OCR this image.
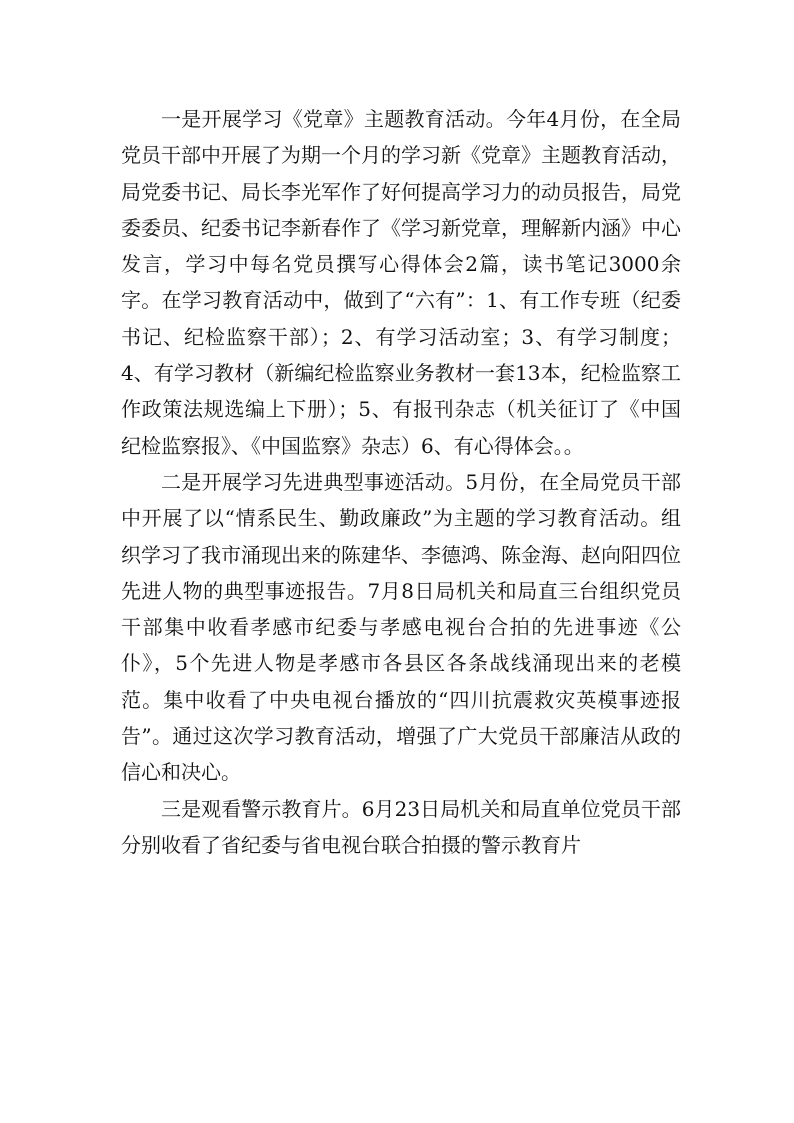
一是开展学习《党章》主题教育活动。今年4月份，在全局党员干部中开展了为期一个月的学习新《党章》主题教育活动，局党委书记、局长李光军作了好何提高学习力的动员报告，局党委委员、纪委书记李新春作了《学习新党章，理解新内涵》中心发言，学习中每名党员撰写心得体会2篇，读书笔记3000余字。在学习教育活动中，做到了“六有”：1、有工作专班（纪委书记、纪检监察干部）；2、有学习活动室；3、有学习制度；4、有学习教材（新编纪检监察业务教材一套13本，纪检监察工作政策法规选编上下册）；5、有报刊杂志（机关征订了《中国纪检监察报》、《中国监察》杂志）6、有心得体会。。

二是开展学习先进典型事迹活动。5月份，在全局党员干部中开展了以“情系民生、勤政廉政”为主题的学习教育活动。组织学习了我市涌现出来的陈建华、李德鸿、陈金海、赵向阳四位先进人物的典型事迹报告。7月8日局机关和局直三台组织党员干部集中收看孝感市纪委与孝感电视台合拍的先进事迹《公仆》，5个先进人物是孝感市各县区各条战线涌现出来的老模范。集中收看了中央电视台播放的“四川抗震救灾英模事迹报告”。通过这次学习教育活动，增强了广大党员干部廉洁从政的信心和决心。

三是观看警示教育片。6月23日局机关和局直单位党员干部分别收看了省纪委与省电视台联合拍摄的警示教育片
